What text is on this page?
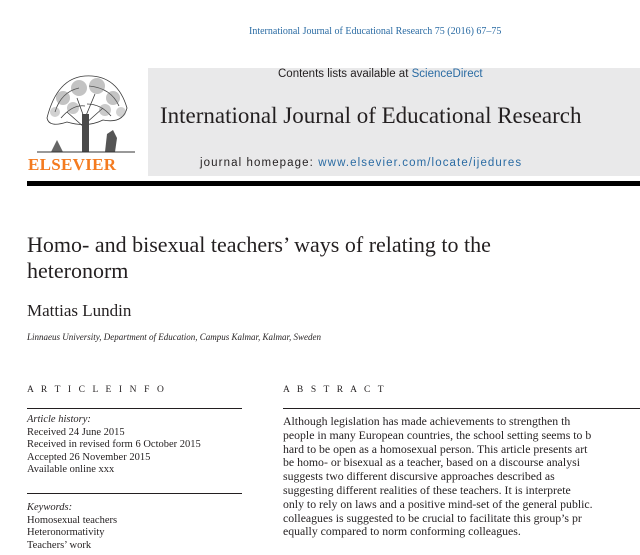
International Journal of Educational Research 75 (2016) 67–75
ELSEVIER
Contents lists available at ScienceDirect
International Journal of Educational Research
journal homepage: www.elsevier.com/locate/ijedures
Homo- and bisexual teachers’ ways of relating to the
heteronorm
Mattias Lundin
Linnaeus University, Department of Education, Campus Kalmar, Kalmar, Sweden
A R T I C L E I N F O
Article history:
Received 24 June 2015
Received in revised form 6 October 2015
Accepted 26 November 2015
Available online xxx
Keywords:
Homosexual teachers
Heteronormativity
Teachers’ work
A B S T R A C T
Although legislation has made achievements to strengthen th
people in many European countries, the school setting seems to b
hard to be open as a homosexual person. This article presents art
be homo- or bisexual as a teacher, based on a discourse analysi
suggests two different discursive approaches described as
suggesting different realities of these teachers. It is interprete
only to rely on laws and a positive mind-set of the general public.
colleagues is suggested to be crucial to facilitate this group’s pr
equally compared to norm conforming colleagues.
